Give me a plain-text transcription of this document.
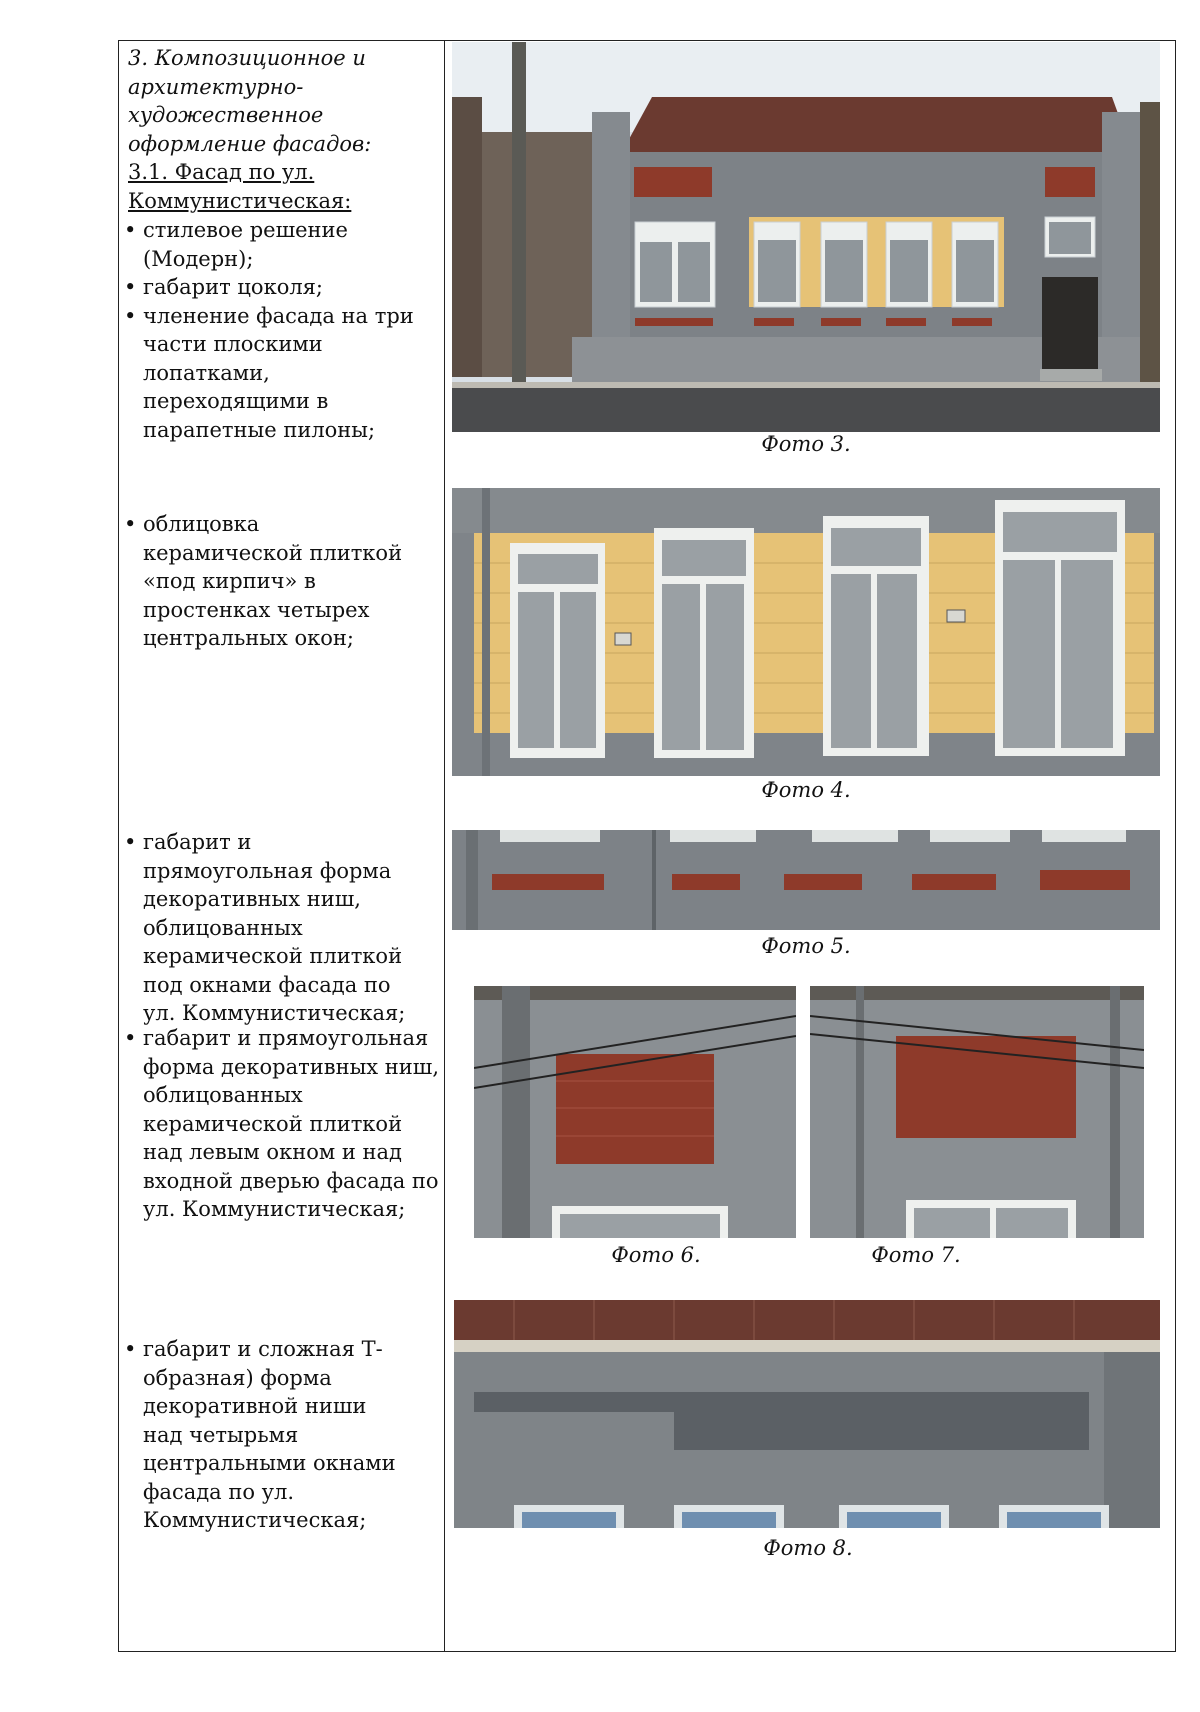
3. Композиционное и
архитектурно-
художественное
оформление фасадов:
3.1. Фасад по ул.
Коммунистическая:
• стилевое решение (Модерн);
• габарит цоколя;
• членение фасада на три части плоскими лопатками, переходящими в парапетные пилоны;
• облицовка керамической плиткой «под кирпич» в простенках четырех центральных окон;
• габарит и прямоугольная форма декоративных ниш, облицованных керамической плиткой под окнами фасада по ул. Коммунистическая;
• габарит и прямоугольная форма декоративных ниш, облицованных керамической плиткой над левым окном и над входной дверью фасада по ул. Коммунистическая;
• габарит и сложная Т-образная) форма декоративной ниши над четырьмя центральными окнами фасада по ул. Коммунистическая;
Фото 3.
Фото 4.
Фото 5.
Фото 6.	Фото 7.
Фото 8.
